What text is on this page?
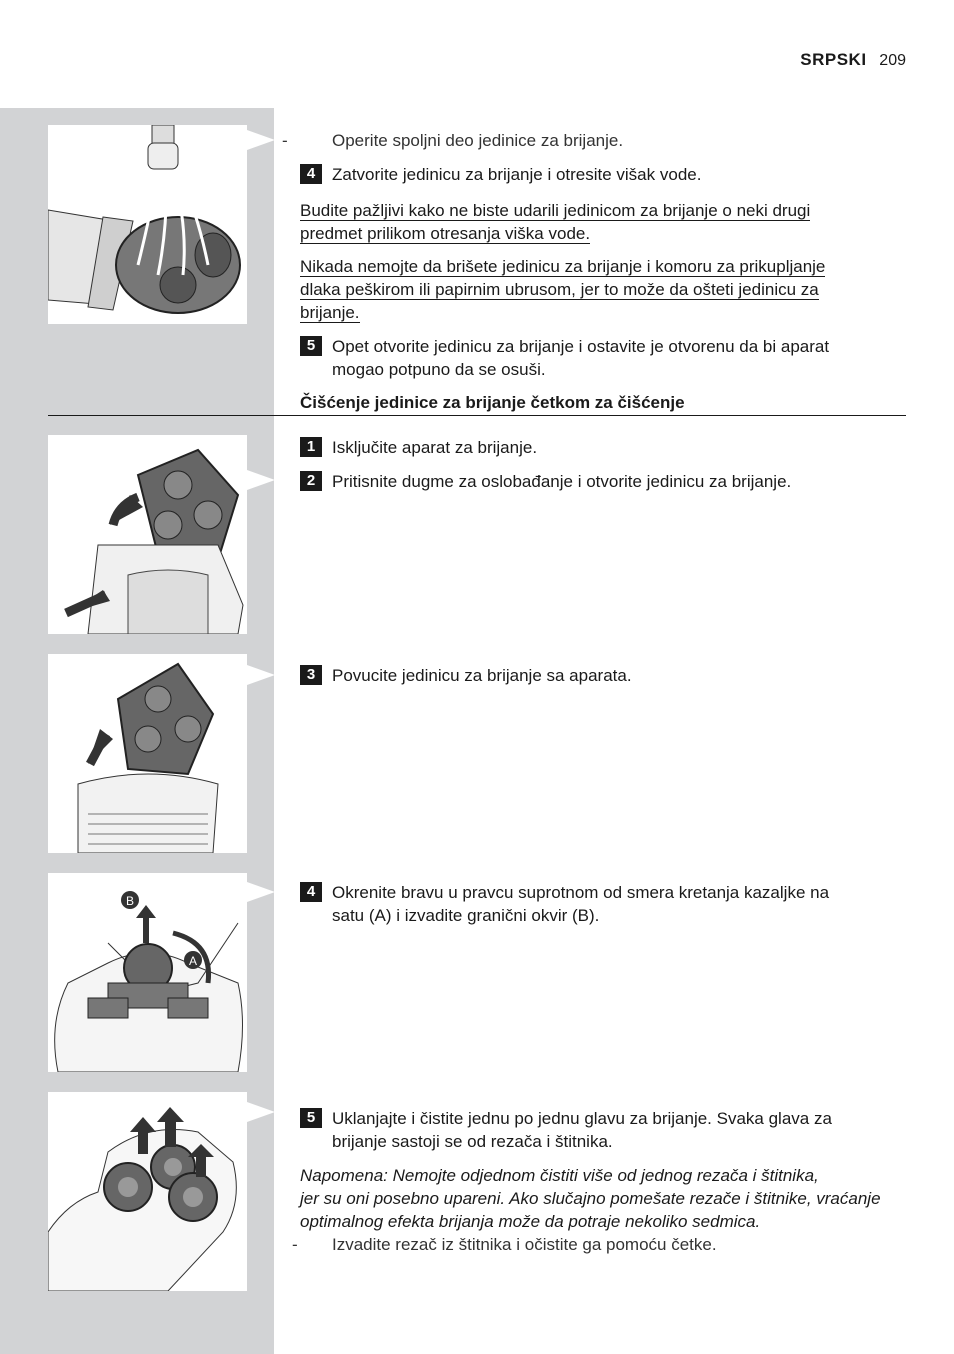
SRPSKI 209
B
A
-	Operite spoljni deo jedinice za brijanje.
4 Zatvorite jedinicu za brijanje i otresite višak vode.
Budite pažljivi kako ne biste udarili jedinicom za brijanje o neki drugi
predmet prilikom otresanja viška vode.
Nikada nemojte da brišete jedinicu za brijanje i komoru za prikupljanje
dlaka peškirom ili papirnim ubrusom, jer to može da ošteti jedinicu za
brijanje.
5 Opet otvorite jedinicu za brijanje i ostavite je otvorenu da bi aparat
mogao potpuno da se osuši.
Čišćenje jedinice za brijanje četkom za čišćenje
1 Isključite aparat za brijanje.
2 Pritisnite dugme za oslobađanje i otvorite jedinicu za brijanje.
3 Povucite jedinicu za brijanje sa aparata.
4 Okrenite bravu u pravcu suprotnom od smera kretanja kazaljke na
satu (A) i izvadite granični okvir (B).
5 Uklanjajte i čistite jednu po jednu glavu za brijanje. Svaka glava za
brijanje sastoji se od rezača i štitnika.
Napomena: Nemojte odjednom čistiti više od jednog rezača i štitnika,
jer su oni posebno upareni. Ako slučajno pomešate rezače i štitnike, vraćanje
optimalnog efekta brijanja može da potraje nekoliko sedmica.
- Izvadite rezač iz štitnika i očistite ga pomoću četke.
